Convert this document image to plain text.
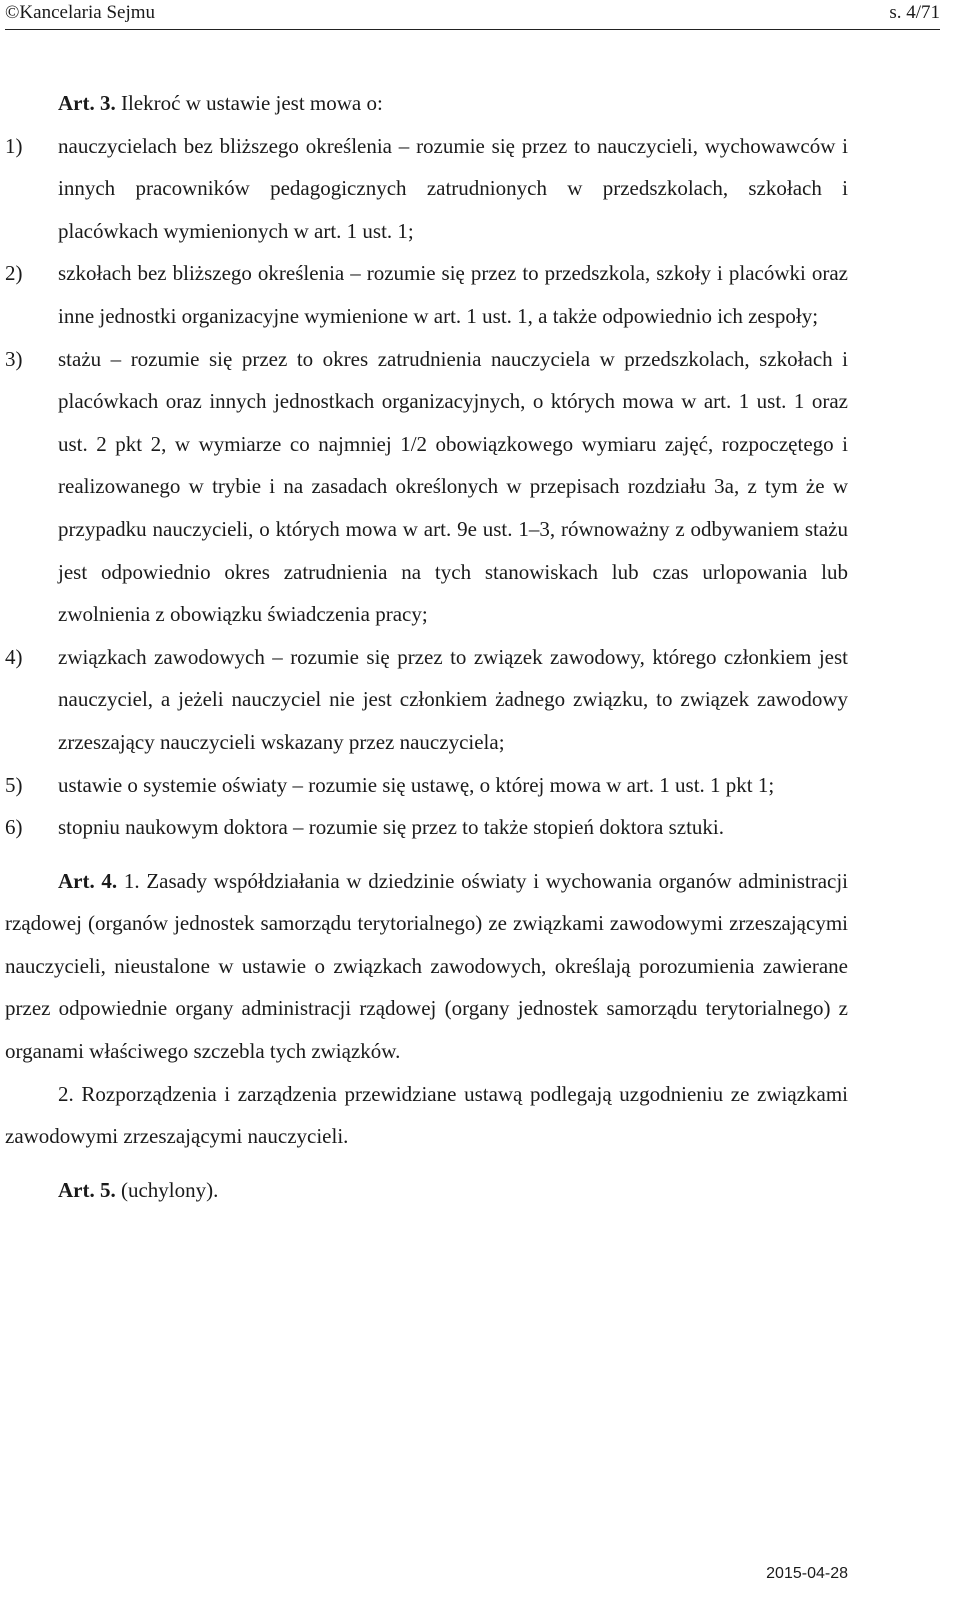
©Kancelaria Sejmu	s. 4/71

Art. 3. Ilekroć w ustawie jest mowa o:

1) nauczycielach bez bliższego określenia – rozumie się przez to nauczycieli, wychowawców i innych pracowników pedagogicznych zatrudnionych w przedszkolach, szkołach i placówkach wymienionych w art. 1 ust. 1;
2) szkołach bez bliższego określenia – rozumie się przez to przedszkola, szkoły i placówki oraz inne jednostki organizacyjne wymienione w art. 1 ust. 1, a także odpowiednio ich zespoły;
3) stażu – rozumie się przez to okres zatrudnienia nauczyciela w przedszkolach, szkołach i placówkach oraz innych jednostkach organizacyjnych, o których mowa w art. 1 ust. 1 oraz ust. 2 pkt 2, w wymiarze co najmniej 1/2 obowiązkowego wymiaru zajęć, rozpoczętego i realizowanego w trybie i na zasadach określonych w przepisach rozdziału 3a, z tym że w przypadku nauczycieli, o których mowa w art. 9e ust. 1–3, równoważny z odbywaniem stażu jest odpowiednio okres zatrudnienia na tych stanowiskach lub czas urlopowania lub zwolnienia z obowiązku świadczenia pracy;
4) związkach zawodowych – rozumie się przez to związek zawodowy, którego członkiem jest nauczyciel, a jeżeli nauczyciel nie jest członkiem żadnego związku, to związek zawodowy zrzeszający nauczycieli wskazany przez nauczyciela;
5) ustawie o systemie oświaty – rozumie się ustawę, o której mowa w art. 1 ust. 1 pkt 1;
6) stopniu naukowym doktora – rozumie się przez to także stopień doktora sztuki.

Art. 4. 1. Zasady współdziałania w dziedzinie oświaty i wychowania organów administracji rządowej (organów jednostek samorządu terytorialnego) ze związkami zawodowymi zrzeszającymi nauczycieli, nieustalone w ustawie o związkach zawodowych, określają porozumienia zawierane przez odpowiednie organy administracji rządowej (organy jednostek samorządu terytorialnego) z organami właściwego szczebla tych związków.

2. Rozporządzenia i zarządzenia przewidziane ustawą podlegają uzgodnieniu ze związkami zawodowymi zrzeszającymi nauczycieli.

Art. 5. (uchylony).

2015-04-28
